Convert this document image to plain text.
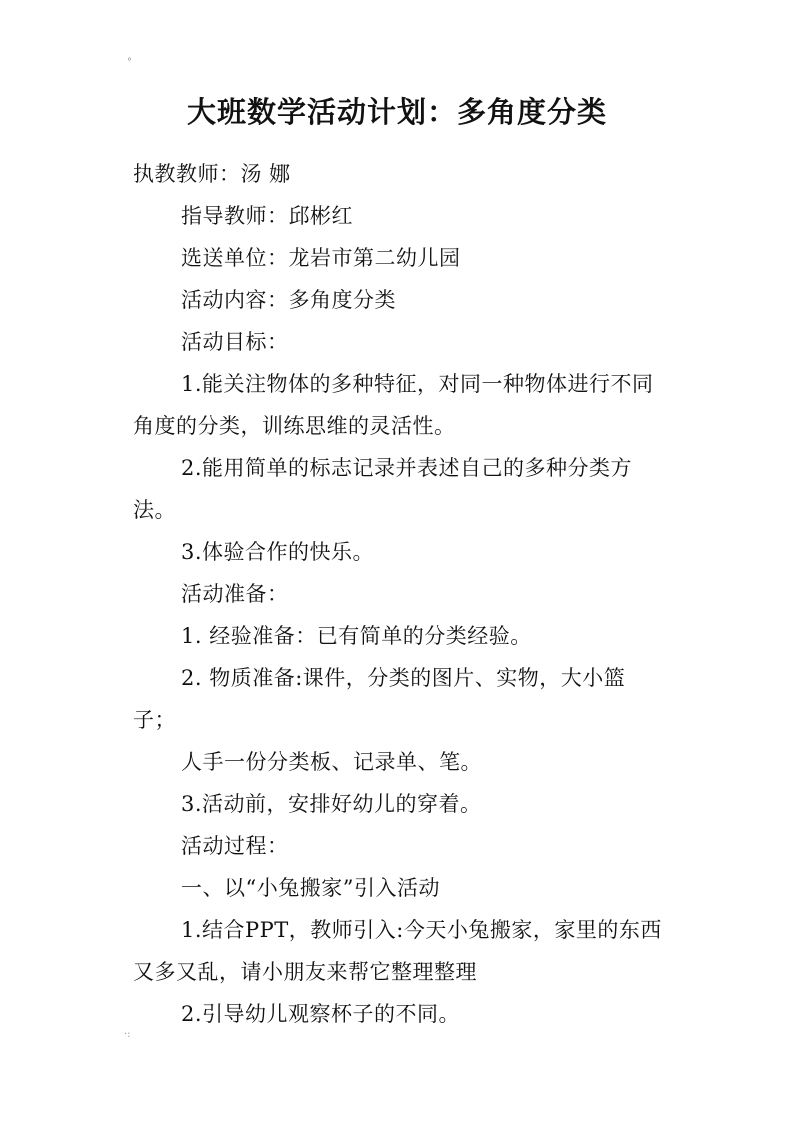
°
大班数学活动计划：多角度分类

执教教师：汤 娜

指导教师：邱彬红

选送单位：龙岩市第二幼儿园

活动内容：多角度分类

活动目标：

1.能关注物体的多种特征，对同一种物体进行不同角度的分类，训练思维的灵活性。

2.能用简单的标志记录并表述自己的多种分类方法。

3.体验合作的快乐。

活动准备：

1. 经验准备：已有简单的分类经验。

2. 物质准备:课件，分类的图片、实物，大小篮子；

人手一份分类板、记录单、笔。

3.活动前，安排好幼儿的穿着。

活动过程：

一、以“小兔搬家”引入活动

1.结合PPT，教师引入:今天小兔搬家，家里的东西又多又乱，请小朋友来帮它整理整理

2.引导幼儿观察杯子的不同。

·:
